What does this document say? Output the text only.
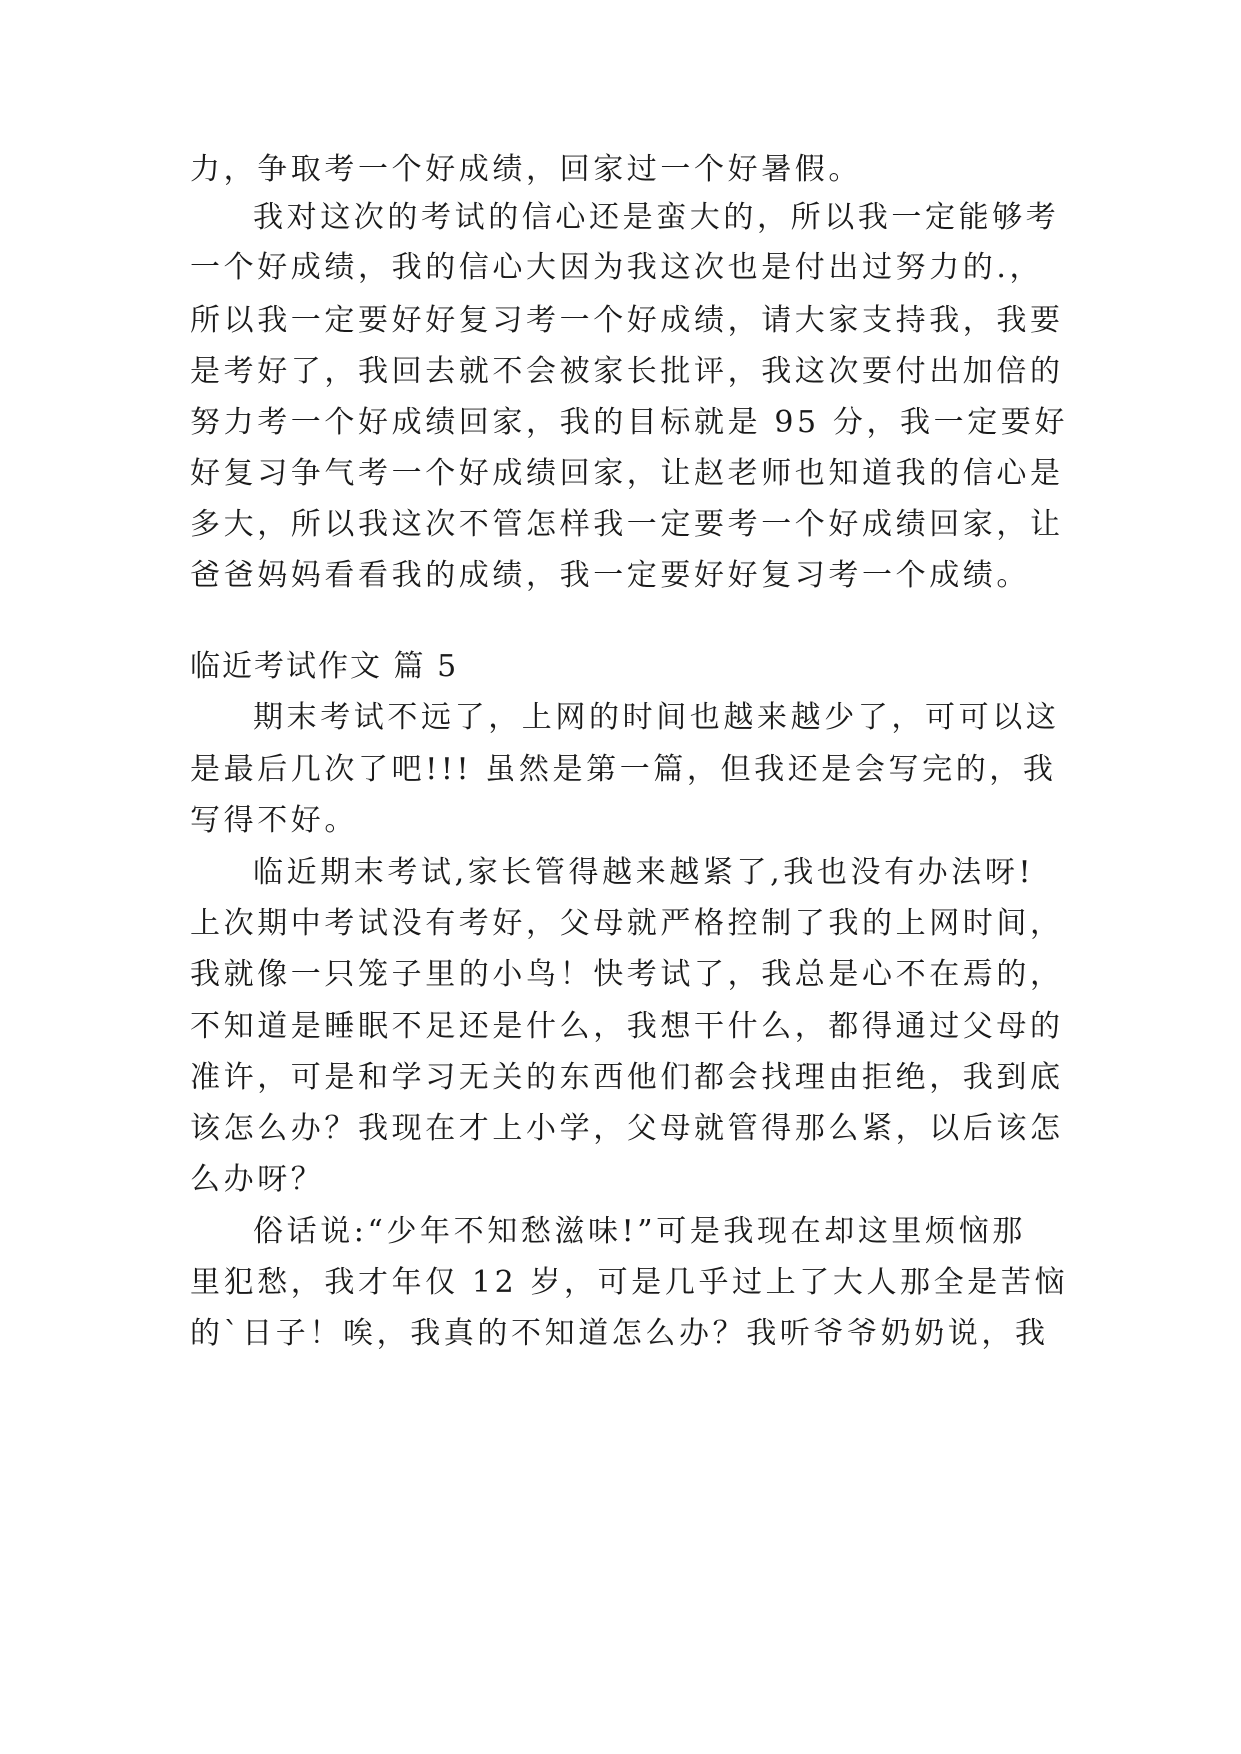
力，争取考一个好成绩，回家过一个好暑假。
我对这次的考试的信心还是蛮大的，所以我一定能够考
一个好成绩，我的信心大因为我这次也是付出过努力的.，
所以我一定要好好复习考一个好成绩，请大家支持我，我要
是考好了，我回去就不会被家长批评，我这次要付出加倍的
努力考一个好成绩回家，我的目标就是 95 分，我一定要好
好复习争气考一个好成绩回家，让赵老师也知道我的信心是
多大，所以我这次不管怎样我一定要考一个好成绩回家，让
爸爸妈妈看看我的成绩，我一定要好好复习考一个成绩。
临近考试作文 篇 5
期末考试不远了，上网的时间也越来越少了，可可以这
是最后几次了吧!!! 虽然是第一篇，但我还是会写完的，我
写得不好。
临近期末考试,家长管得越来越紧了,我也没有办法呀!
上次期中考试没有考好，父母就严格控制了我的上网时间，
我就像一只笼子里的小鸟！快考试了，我总是心不在焉的，
不知道是睡眠不足还是什么，我想干什么，都得通过父母的
准许，可是和学习无关的东西他们都会找理由拒绝，我到底
该怎么办？我现在才上小学，父母就管得那么紧，以后该怎
么办呀？
俗话说:“少年不知愁滋味!”可是我现在却这里烦恼那
里犯愁，我才年仅 12 岁，可是几乎过上了大人那全是苦恼
的`日子！唉，我真的不知道怎么办？我听爷爷奶奶说，我
